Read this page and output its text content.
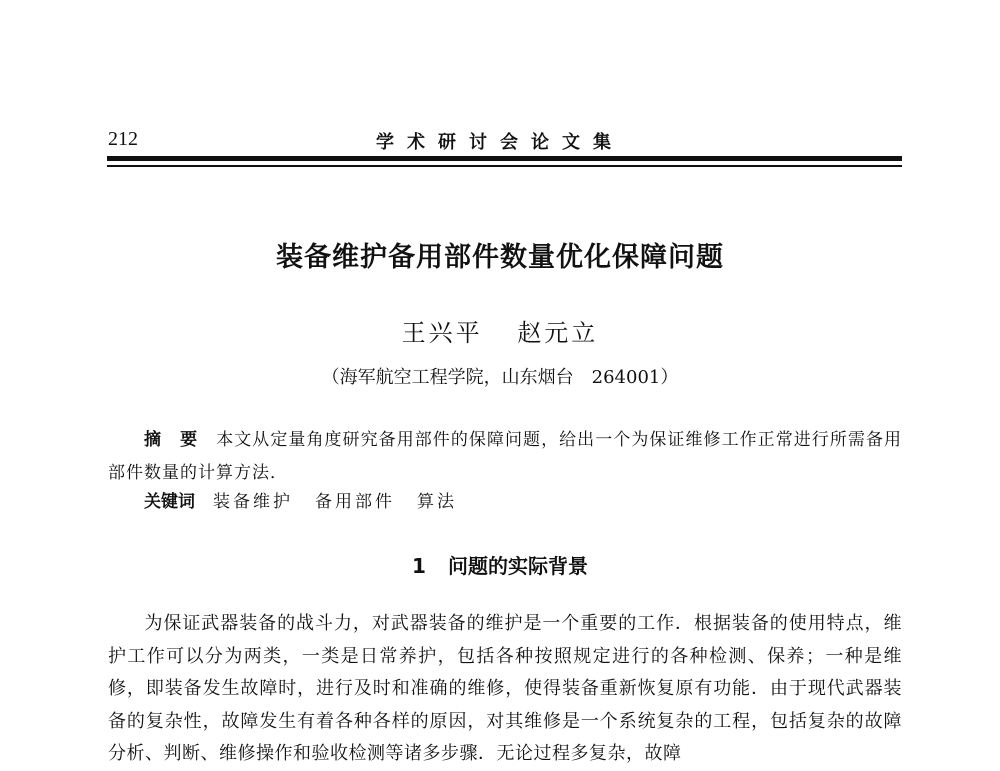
212	学术研讨会论文集
装备维护备用部件数量优化保障问题
王兴平 赵元立
（海军航空工程学院，山东烟台　264001）
摘　要 本文从定量角度研究备用部件的保障问题，给出一个为保证维修工作正常进行所需备用部件数量的计算方法．
关键词 装备维护 备用部件 算法
1 问题的实际背景
为保证武器装备的战斗力，对武器装备的维护是一个重要的工作．根据装备的使用特点，维护工作可以分为两类，一类是日常养护，包括各种按照规定进行的各种检测、保养；一种是维修，即装备发生故障时，进行及时和准确的维修，使得装备重新恢复原有功能．由于现代武器装备的复杂性，故障发生有着各种各样的原因，对其维修是一个系统复杂的工程，包括复杂的故障分析、判断、维修操作和验收检测等诸多步骤．无论过程多复杂，故障
